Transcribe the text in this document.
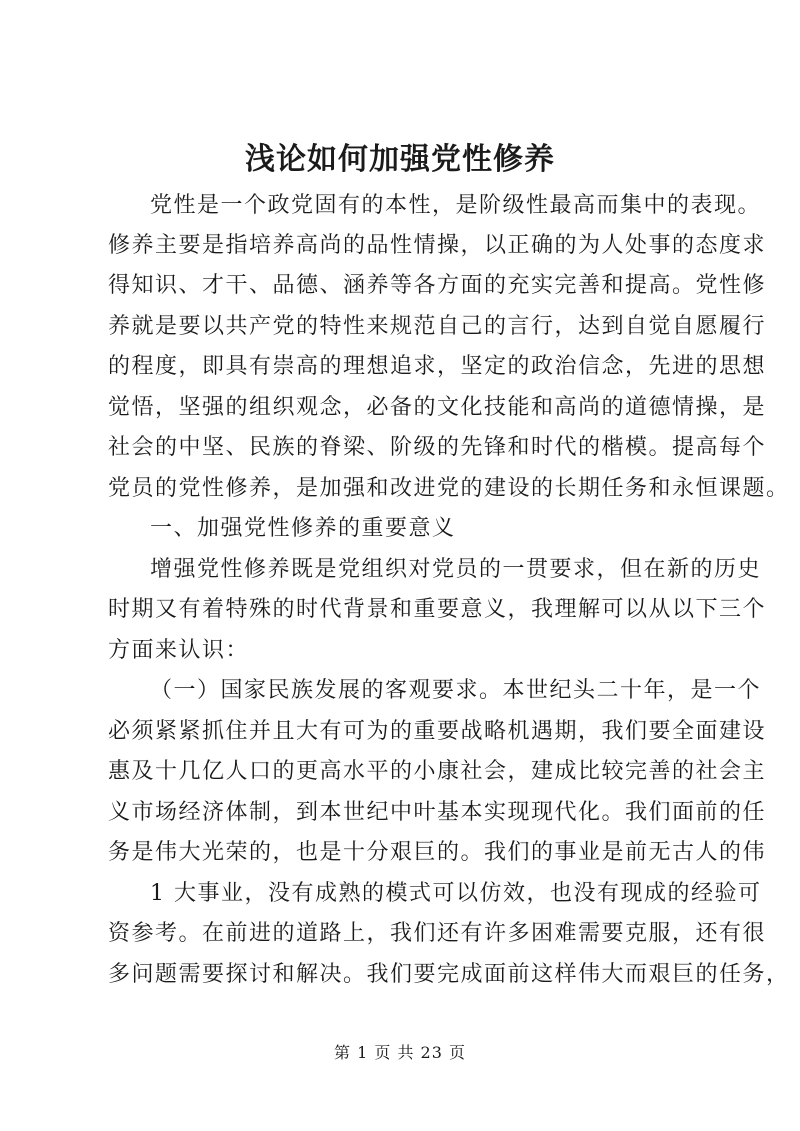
浅论如何加强党性修养
党性是一个政党固有的本性，是阶级性最高而集中的表现。
修养主要是指培养高尚的品性情操，以正确的为人处事的态度求
得知识、才干、品德、涵养等各方面的充实完善和提高。党性修
养就是要以共产党的特性来规范自己的言行，达到自觉自愿履行
的程度，即具有崇高的理想追求，坚定的政治信念，先进的思想
觉悟，坚强的组织观念，必备的文化技能和高尚的道德情操，是
社会的中坚、民族的脊梁、阶级的先锋和时代的楷模。提高每个
党员的党性修养，是加强和改进党的建设的长期任务和永恒课题。
一、加强党性修养的重要意义
增强党性修养既是党组织对党员的一贯要求，但在新的历史
时期又有着特殊的时代背景和重要意义，我理解可以从以下三个
方面来认识：
（一）国家民族发展的客观要求。本世纪头二十年，是一个
必须紧紧抓住并且大有可为的重要战略机遇期，我们要全面建设
惠及十几亿人口的更高水平的小康社会，建成比较完善的社会主
义市场经济体制，到本世纪中叶基本实现现代化。我们面前的任
务是伟大光荣的，也是十分艰巨的。我们的事业是前无古人的伟
1 大事业，没有成熟的模式可以仿效，也没有现成的经验可
资参考。在前进的道路上，我们还有许多困难需要克服，还有很
多问题需要探讨和解决。我们要完成面前这样伟大而艰巨的任务，
第 1 页 共 23 页
